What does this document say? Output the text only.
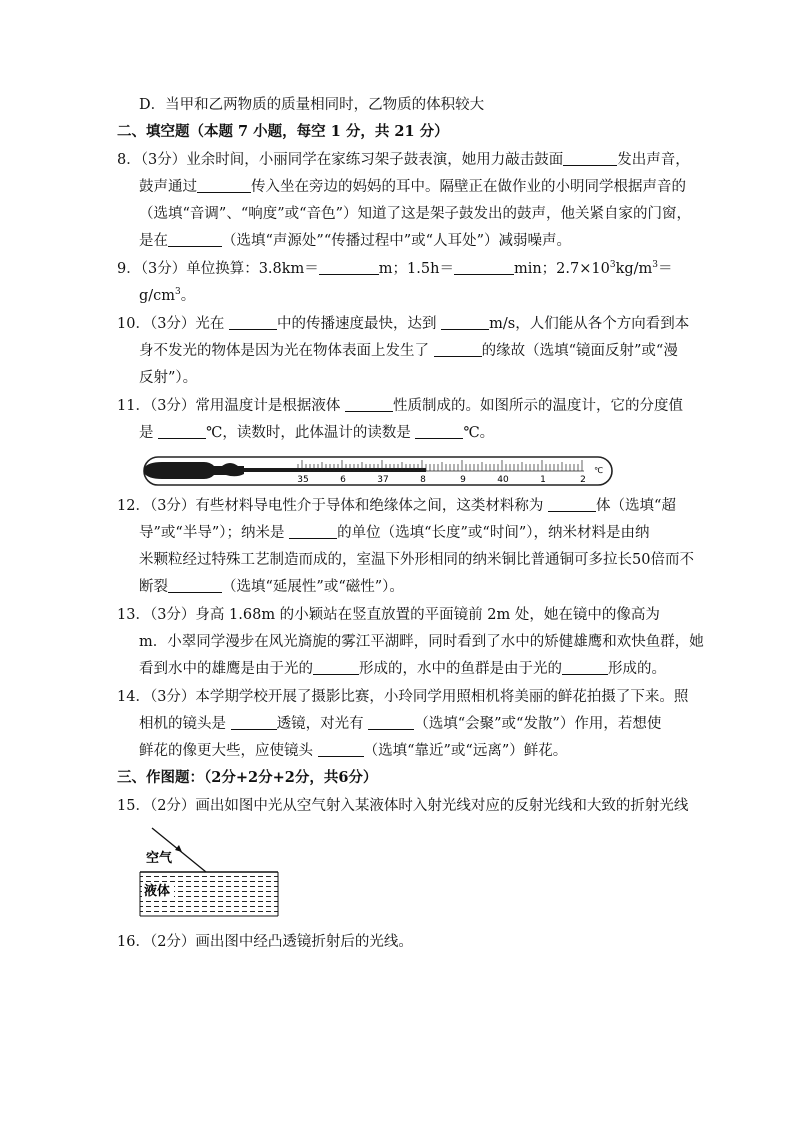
D．当甲和乙两物质的质量相同时，乙物质的体积较大
二、填空题（本题 7 小题，每空 1 分，共 21 分）
8．（3分）业余时间，小丽同学在家练习架子鼓表演，她用力敲击鼓面	发出声音，
鼓声通过	传入坐在旁边的妈妈的耳中。隔壁正在做作业的小明同学根据声音的
（选填“音调”、“响度”或“音色”）知道了这是架子鼓发出的鼓声，他关紧自家的门窗，
是在	（选填“声源处”“传播过程中”或“人耳处”）减弱噪声。
9．（3分）单位换算：3.8km＝	m；1.5h＝	min；$2.7\times 10^3kg/m^3=$
$g/cm^3$。
10．（3分）光在	中的传播速度最快，达到	m/s，人们能从各个方向看到本
身不发光的物体是因为光在物体表面上发生了	的缘故（选填“镜面反射”或“漫
反射”）。
11．（3分）常用温度计是根据液体	性质制成的。如图所示的温度计，它的分度值
是	℃，读数时，此体温计的读数是	℃。
35	6	37	8	9	40	1	2
℃
12．（3分）有些材料导电性介于导体和绝缘体之间，这类材料称为	体（选填“超
导”或“半导”）；纳米是	的单位（选填“长度”或“时间”），纳米材料是由纳
米颗粒经过特殊工艺制造而成的，室温下外形相同的纳米铜比普通铜可多拉长50倍而不
断裂	（选填“延展性”或“磁性”）。
13．（3分）身高 1.68m 的小颖站在竖直放置的平面镜前 2m 处，她在镜中的像高为
m．小翠同学漫步在风光旖旎的雾江平湖畔，同时看到了水中的矫健雄鹰和欢快鱼群，她
看到水中的雄鹰是由于光的	形成的，水中的鱼群是由于光的	形成的。
14．（3分）本学期学校开展了摄影比赛，小玲同学用照相机将美丽的鲜花拍摄了下来。照
相机的镜头是	透镜，对光有	（选填“会聚”或“发散”）作用，若想使
鲜花的像更大些，应使镜头	（选填“靠近”或“远离”）鲜花。
三、作图题：（2分+2分+2分，共6分）
15．（2分）画出如图中光从空气射入某液体时入射光线对应的反射光线和大致的折射光线
空气
液体
16．（2分）画出图中经凸透镜折射后的光线。
